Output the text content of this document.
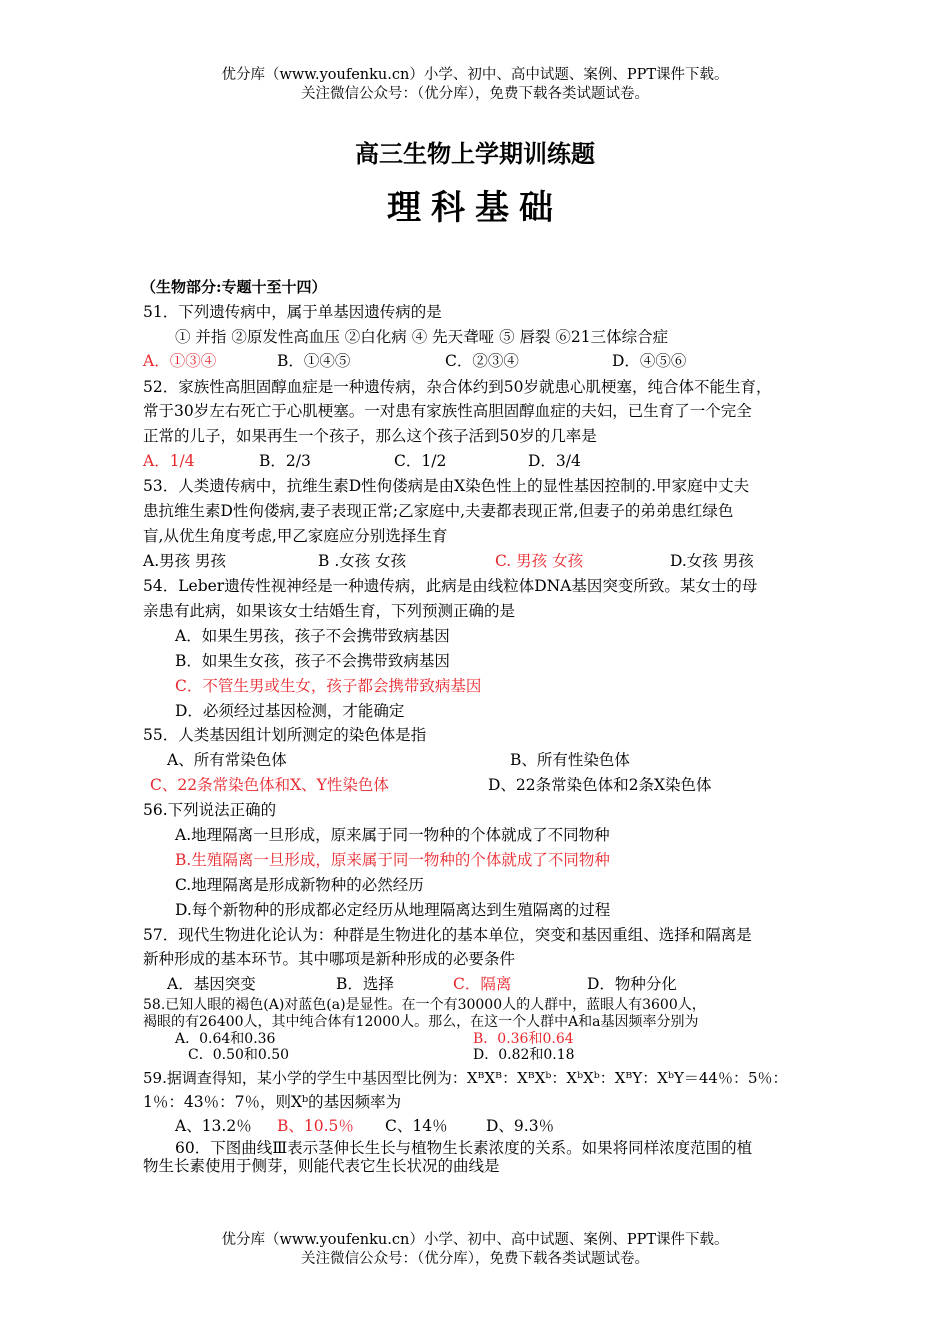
优分库（www.youfenku.cn）小学、初中、高中试题、案例、PPT课件下载。
关注微信公众号：（优分库），免费下载各类试题试卷。
高三生物上学期训练题
理科基础
（生物部分:专题十至十四）
51．下列遗传病中，属于单基因遗传病的是
① 并指 ②原发性高血压 ②白化病 ④ 先天聋哑 ⑤ 唇裂 ⑥21三体综合症
A．①③④	B．①④⑤	C．②③④	D．④⑤⑥
52．家族性高胆固醇血症是一种遗传病，杂合体约到50岁就患心肌梗塞，纯合体不能生育，
常于30岁左右死亡于心肌梗塞。一对患有家族性高胆固醇血症的夫妇，已生育了一个完全
正常的儿子，如果再生一个孩子，那么这个孩子活到50岁的几率是
A．1/4	B．2/3	C．1/2	D．3/4
53．人类遗传病中，抗维生素D性佝偻病是由X染色性上的显性基因控制的.甲家庭中丈夫
患抗维生素D性佝偻病,妻子表现正常;乙家庭中,夫妻都表现正常,但妻子的弟弟患红绿色
盲,从优生角度考虑,甲乙家庭应分别选择生育
A.男孩 男孩	B .女孩 女孩	C. 男孩 女孩	D.女孩 男孩
54．Leber遗传性视神经是一种遗传病，此病是由线粒体DNA基因突变所致。某女士的母
亲患有此病，如果该女士结婚生育，下列预测正确的是
A．如果生男孩，孩子不会携带致病基因
B．如果生女孩，孩子不会携带致病基因
C．不管生男或生女，孩子都会携带致病基因
D．必须经过基因检测，才能确定
55．人类基因组计划所测定的染色体是指
A、所有常染色体	B、所有性染色体
C、22条常染色体和X、Y性染色体	D、22条常染色体和2条X染色体
56.下列说法正确的
A.地理隔离一旦形成，原来属于同一物种的个体就成了不同物种
B.生殖隔离一旦形成，原来属于同一物种的个体就成了不同物种
C.地理隔离是形成新物种的必然经历
D.每个新物种的形成都必定经历从地理隔离达到生殖隔离的过程
57．现代生物进化论认为：种群是生物进化的基本单位，突变和基因重组、选择和隔离是
新种形成的基本环节。其中哪项是新种形成的必要条件
A．基因突变	B．选择	C．隔离	D．物种分化
58.已知人眼的褐色(A)对蓝色(a)是显性。在一个有30000人的人群中，蓝眼人有3600人，
褐眼的有26400人，其中纯合体有12000人。那么，在这一个人群中A和a基因频率分别为
A．0.64和0.36	B．0.36和0.64
C．0.50和0.50	D．0.82和0.18
59.据调查得知，某小学的学生中基因型比例为：XᴮXᴮ：XᴮXᵇ：XᵇXᵇ：XᴮY：XᵇY＝44％：5％：
1％：43％：7％，则Xᵇ的基因频率为
A、13.2％ B、10.5％ C、14％ D、9.3％
60．下图曲线Ⅲ表示茎伸长生长与植物生长素浓度的关系。如果将同样浓度范围的植
物生长素使用于侧芽，则能代表它生长状况的曲线是
优分库（www.youfenku.cn）小学、初中、高中试题、案例、PPT课件下载。
关注微信公众号：（优分库），免费下载各类试题试卷。
